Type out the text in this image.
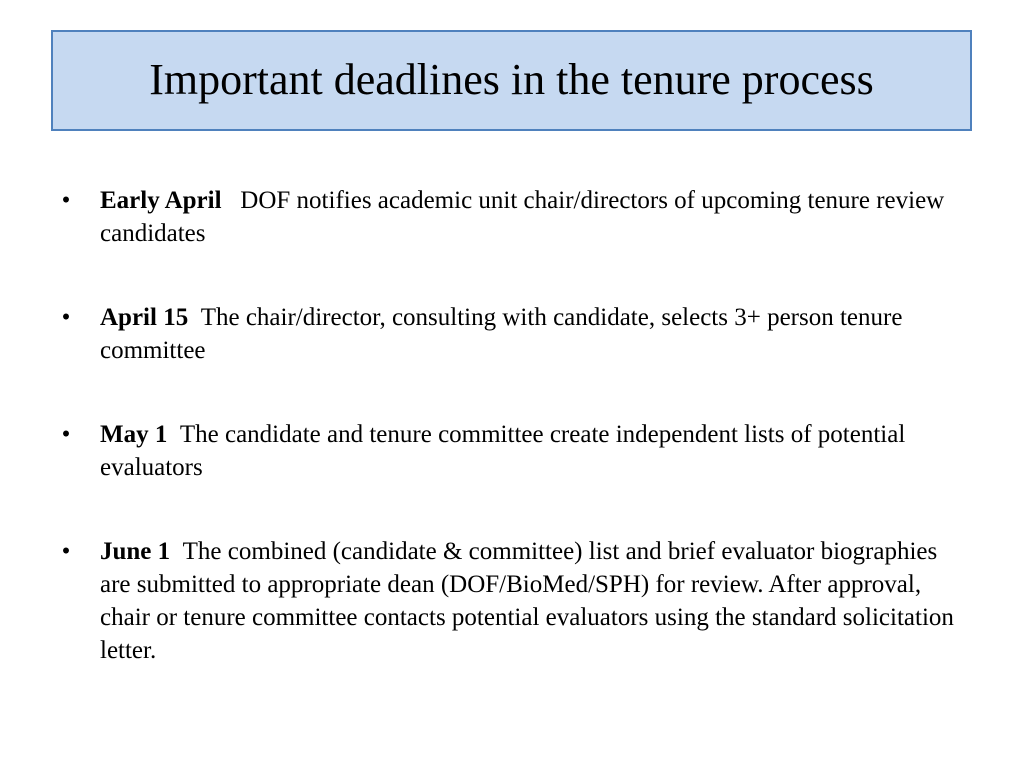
Important deadlines in the tenure process
• Early April DOF notifies academic unit chair/directors of upcoming tenure review candidates
• April 15 The chair/director, consulting with candidate, selects 3+ person tenure committee
• May 1 The candidate and tenure committee create independent lists of potential evaluators
• June 1 The combined (candidate & committee) list and brief evaluator biographies are submitted to appropriate dean (DOF/BioMed/SPH) for review. After approval, chair or tenure committee contacts potential evaluators using the standard solicitation letter.
